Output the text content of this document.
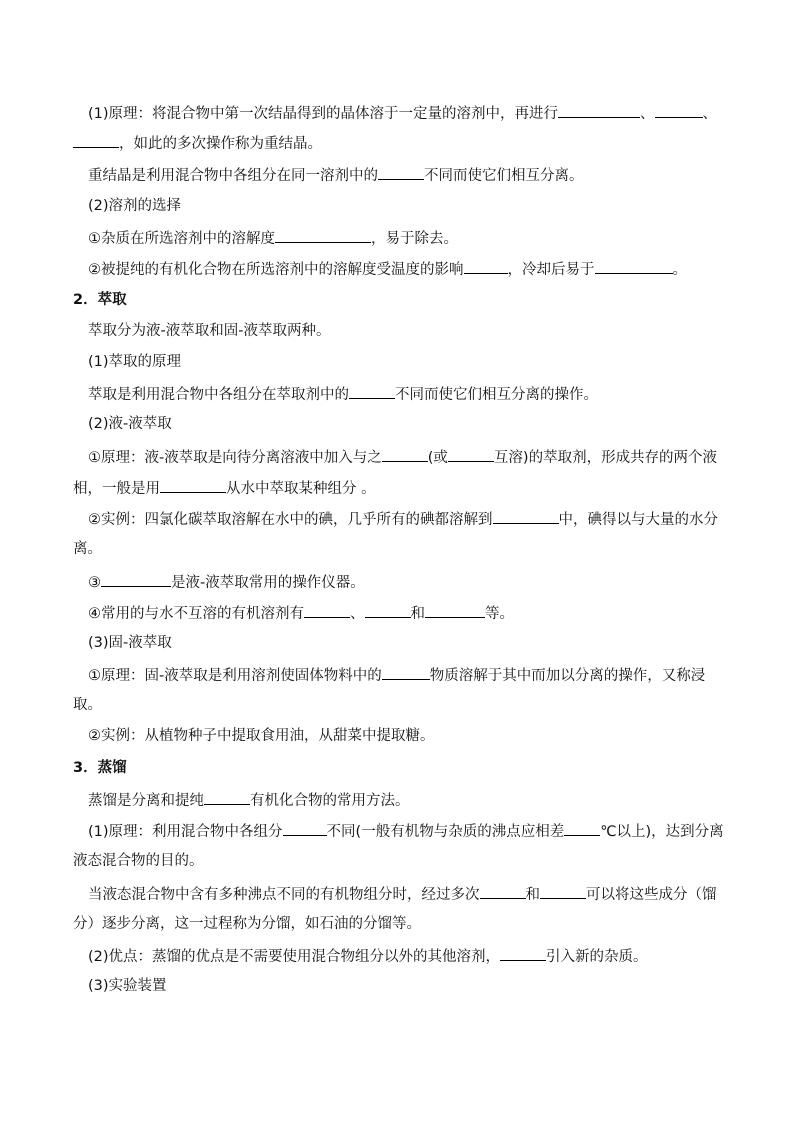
(1)原理：将混合物中第一次结晶得到的晶体溶于一定量的溶剂中，再进行	、	、
，如此的多次操作称为重结晶。
重结晶是利用混合物中各组分在同一溶剂中的	不同而使它们相互分离。
(2)溶剂的选择
①杂质在所选溶剂中的溶解度	，易于除去。
②被提纯的有机化合物在所选溶剂中的溶解度受温度的影响	，冷却后易于	。
2．萃取
萃取分为液-液萃取和固-液萃取两种。
(1)萃取的原理
萃取是利用混合物中各组分在萃取剂中的	不同而使它们相互分离的操作。
(2)液-液萃取
①原理：液-液萃取是向待分离溶液中加入与之	(或	互溶)的萃取剂，形成共存的两个液
相，一般是用	从水中萃取某种组分 。
②实例：四氯化碳萃取溶解在水中的碘，几乎所有的碘都溶解到	中，碘得以与大量的水分
离。
③	是液-液萃取常用的操作仪器。
④常用的与水不互溶的有机溶剂有	、	和	等。
(3)固-液萃取
①原理：固-液萃取是利用溶剂使固体物料中的	物质溶解于其中而加以分离的操作，又称浸
取。
②实例：从植物种子中提取食用油，从甜菜中提取糖。
3．蒸馏
蒸馏是分离和提纯	有机化合物的常用方法。
(1)原理：利用混合物中各组分	不同(一般有机物与杂质的沸点应相差 ℃以上)，达到分离
液态混合物的目的。
当液态混合物中含有多种沸点不同的有机物组分时，经过多次	和	可以将这些成分（馏
分）逐步分离，这一过程称为分馏，如石油的分馏等。
(2)优点：蒸馏的优点是不需要使用混合物组分以外的其他溶剂，	引入新的杂质。
(3)实验装置
